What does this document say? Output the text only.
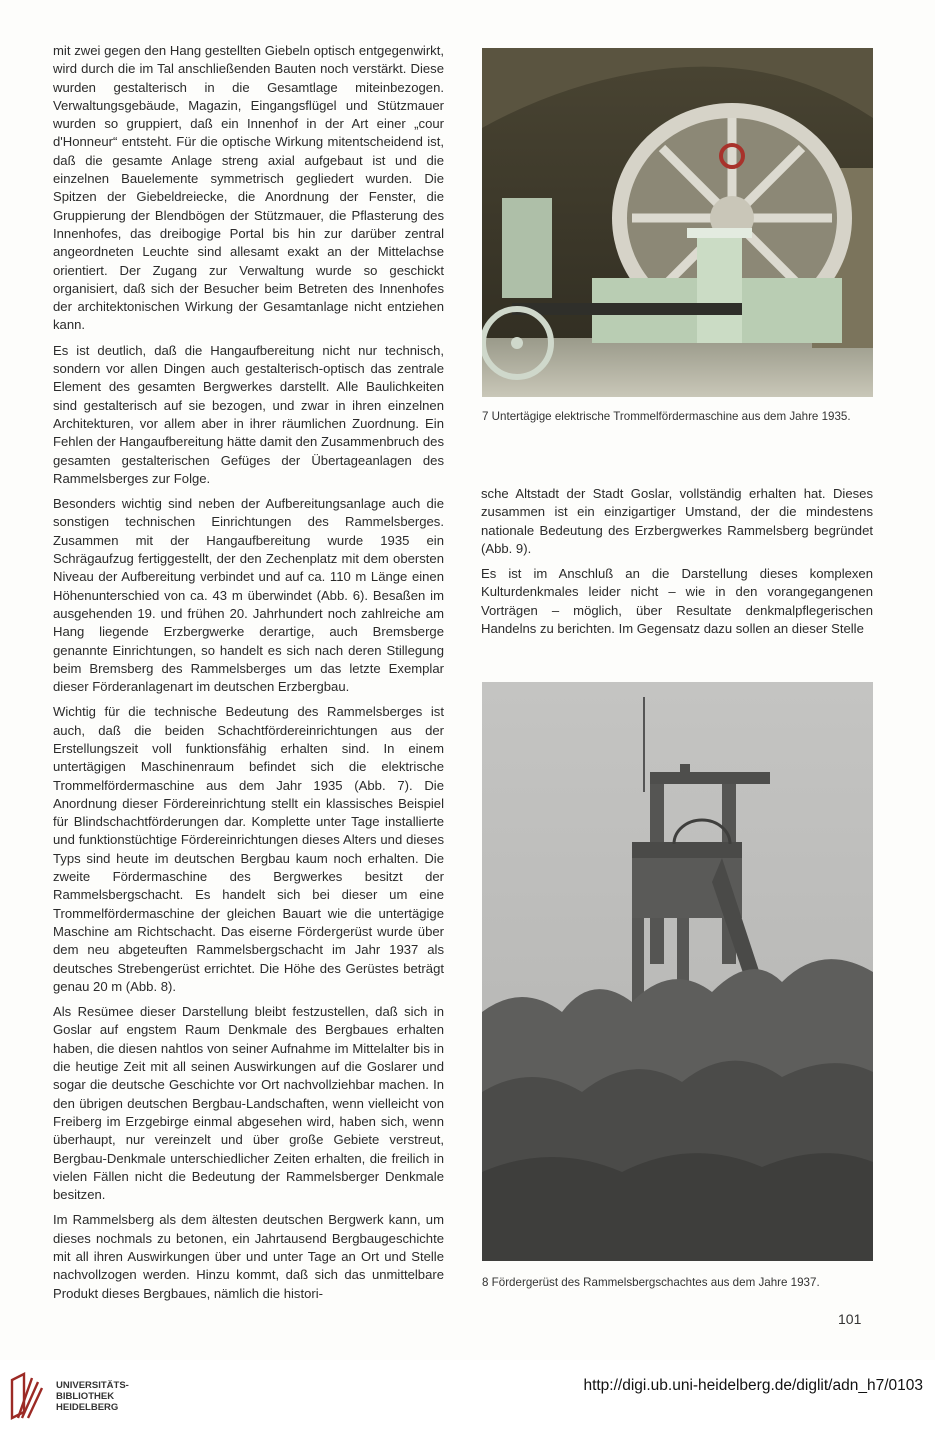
mit zwei gegen den Hang gestellten Giebeln optisch entgegenwirkt, wird durch die im Tal anschließenden Bauten noch verstärkt. Diese wurden gestalterisch in die Gesamtlage miteinbezogen. Verwaltungsgebäude, Magazin, Eingangsflügel und Stützmauer wurden so gruppiert, daß ein Innenhof in der Art einer „cour d'Honneur“ entsteht. Für die optische Wirkung mitentscheidend ist, daß die gesamte Anlage streng axial aufgebaut ist und die einzelnen Bauelemente symmetrisch gegliedert wurden. Die Spitzen der Giebeldreiecke, die Anordnung der Fenster, die Gruppierung der Blendbögen der Stützmauer, die Pflasterung des Innenhofes, das dreibogige Portal bis hin zur darüber zentral angeordneten Leuchte sind allesamt exakt an der Mittelachse orientiert. Der Zugang zur Verwaltung wurde so geschickt organisiert, daß sich der Besucher beim Betreten des Innenhofes der architektonischen Wirkung der Gesamtanlage nicht entziehen kann.

Es ist deutlich, daß die Hangaufbereitung nicht nur technisch, sondern vor allen Dingen auch gestalterisch-optisch das zentrale Element des gesamten Bergwerkes darstellt. Alle Baulichkeiten sind gestalterisch auf sie bezogen, und zwar in ihren einzelnen Architekturen, vor allem aber in ihrer räumlichen Zuordnung. Ein Fehlen der Hangaufbereitung hätte damit den Zusammenbruch des gesamten gestalterischen Gefüges der Übertageanlagen des Rammelsberges zur Folge.

Besonders wichtig sind neben der Aufbereitungsanlage auch die sonstigen technischen Einrichtungen des Rammelsberges. Zusammen mit der Hangaufbereitung wurde 1935 ein Schrägaufzug fertiggestellt, der den Zechenplatz mit dem obersten Niveau der Aufbereitung verbindet und auf ca. 110 m Länge einen Höhenunterschied von ca. 43 m überwindet (Abb. 6). Besaßen im ausgehenden 19. und frühen 20. Jahrhundert noch zahlreiche am Hang liegende Erzbergwerke derartige, auch Bremsberge genannte Einrichtungen, so handelt es sich nach deren Stillegung beim Bremsberg des Rammelsberges um das letzte Exemplar dieser Förderanlagenart im deutschen Erzbergbau.

Wichtig für die technische Bedeutung des Rammelsberges ist auch, daß die beiden Schachtfördereinrichtungen aus der Erstellungszeit voll funktionsfähig erhalten sind. In einem untertägigen Maschinenraum befindet sich die elektrische Trommelfördermaschine aus dem Jahr 1935 (Abb. 7). Die Anordnung dieser Fördereinrichtung stellt ein klassisches Beispiel für Blindschachtförderungen dar. Komplette unter Tage installierte und funktionstüchtige Fördereinrichtungen dieses Alters und dieses Typs sind heute im deutschen Bergbau kaum noch erhalten. Die zweite Fördermaschine des Bergwerkes besitzt der Rammelsbergschacht. Es handelt sich bei dieser um eine Trommelfördermaschine der gleichen Bauart wie die untertägige Maschine am Richtschacht. Das eiserne Fördergerüst wurde über dem neu abgeteuften Rammelsbergschacht im Jahr 1937 als deutsches Strebengerüst errichtet. Die Höhe des Gerüstes beträgt genau 20 m (Abb. 8).

Als Resümee dieser Darstellung bleibt festzustellen, daß sich in Goslar auf engstem Raum Denkmale des Bergbaues erhalten haben, die diesen nahtlos von seiner Aufnahme im Mittelalter bis in die heutige Zeit mit all seinen Auswirkungen auf die Goslarer und sogar die deutsche Geschichte vor Ort nachvollziehbar machen. In den übrigen deutschen Bergbau-Landschaften, wenn vielleicht von Freiberg im Erzgebirge einmal abgesehen wird, haben sich, wenn überhaupt, nur vereinzelt und über große Gebiete verstreut, Bergbau-Denkmale unterschiedlicher Zeiten erhalten, die freilich in vielen Fällen nicht die Bedeutung der Rammelsberger Denkmale besitzen.

Im Rammelsberg als dem ältesten deutschen Bergwerk kann, um dieses nochmals zu betonen, ein Jahrtausend Bergbaugeschichte mit all ihren Auswirkungen über und unter Tage an Ort und Stelle nachvollzogen werden. Hinzu kommt, daß sich das unmittelbare Produkt dieses Bergbaues, nämlich die histori-

7 Untertägige elektrische Trommelfördermaschine aus dem Jahre 1935.

sche Altstadt der Stadt Goslar, vollständig erhalten hat. Dieses zusammen ist ein einzigartiger Umstand, der die mindestens nationale Bedeutung des Erzbergwerkes Rammelsberg begründet (Abb. 9).

Es ist im Anschluß an die Darstellung dieses komplexen Kulturdenkmales leider nicht – wie in den vorangegangenen Vorträgen – möglich, über Resultate denkmalpflegerischen Handelns zu berichten. Im Gegensatz dazu sollen an dieser Stelle

8 Fördergerüst des Rammelsbergschachtes aus dem Jahre 1937.
101
UNIVERSITÄTS-
BIBLIOTHEK
HEIDELBERG
http://digi.ub.uni-heidelberg.de/diglit/adn_h7/0103
